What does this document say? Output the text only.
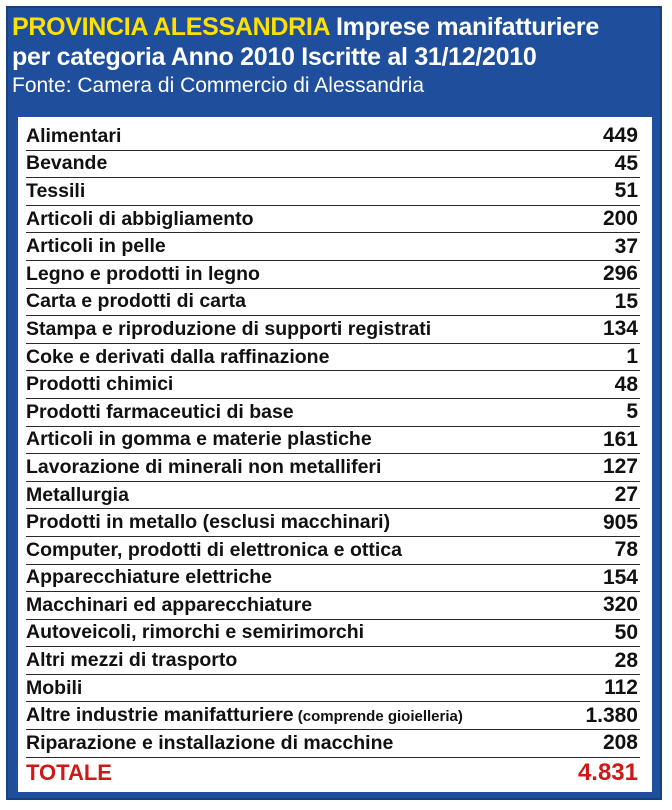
PROVINCIA ALESSANDRIA Imprese manifatturiere
per categoria Anno 2010 Iscritte al 31/12/2010
Fonte: Camera di Commercio di Alessandria
Alimentari	449
Bevande	45
Tessili	51
Articoli di abbigliamento	200
Articoli in pelle	37
Legno e prodotti in legno	296
Carta e prodotti di carta	15
Stampa e riproduzione di supporti registrati	134
Coke e derivati dalla raffinazione	1
Prodotti chimici	48
Prodotti farmaceutici di base	5
Articoli in gomma e materie plastiche	161
Lavorazione di minerali non metalliferi	127
Metallurgia	27
Prodotti in metallo (esclusi macchinari)	905
Computer, prodotti di elettronica e ottica	78
Apparecchiature elettriche	154
Macchinari ed apparecchiature	320
Autoveicoli, rimorchi e semirimorchi	50
Altri mezzi di trasporto	28
Mobili	112
Altre industrie manifatturiere (comprende gioielleria)	1.380
Riparazione e installazione di macchine	208
TOTALE	4.831
